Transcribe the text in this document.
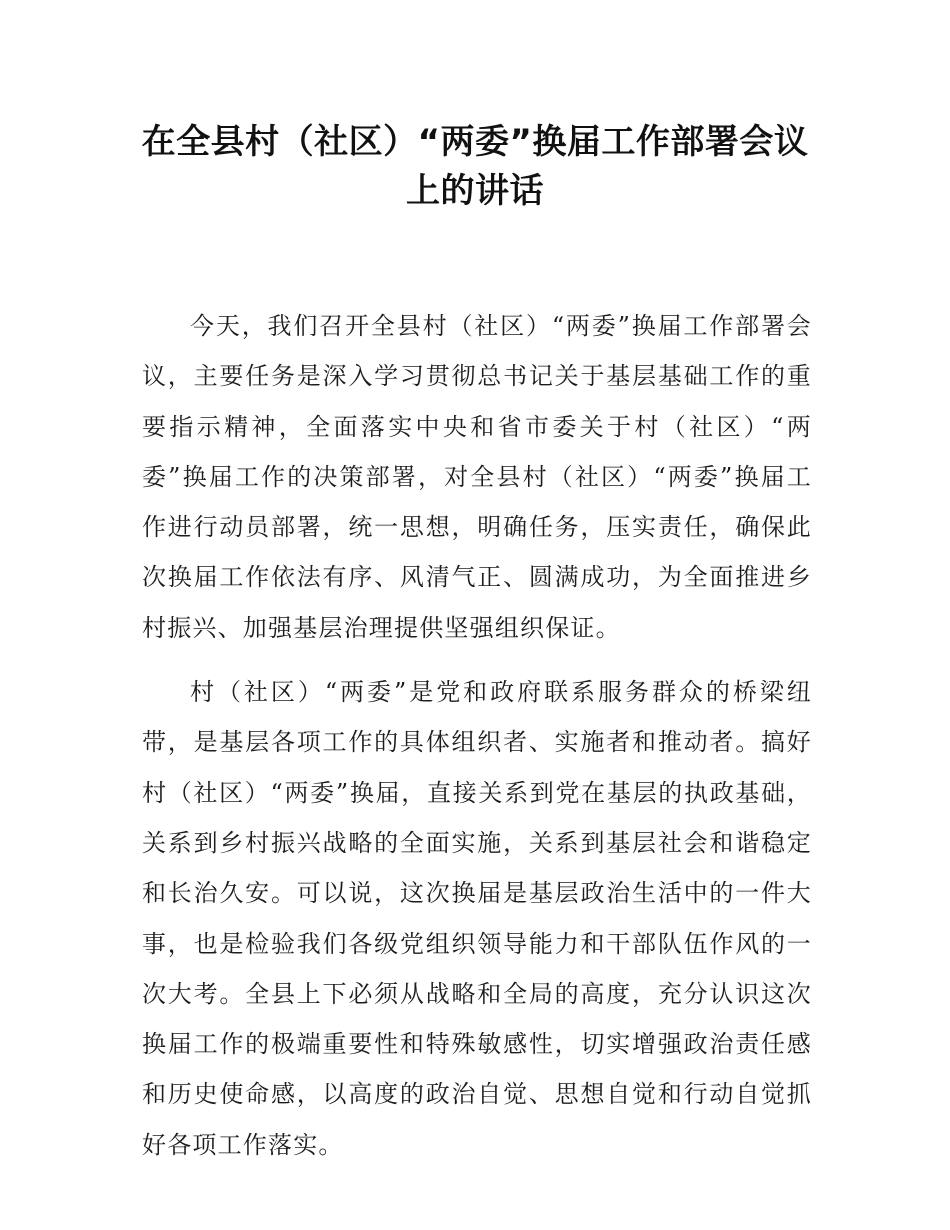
在全县村（社区）“两委”换届工作部署会议上的讲话

今天，我们召开全县村（社区）“两委”换届工作部署会议，主要任务是深入学习贯彻总书记关于基层基础工作的重要指示精神，全面落实中央和省市委关于村（社区）“两委”换届工作的决策部署，对全县村（社区）“两委”换届工作进行动员部署，统一思想，明确任务，压实责任，确保此次换届工作依法有序、风清气正、圆满成功，为全面推进乡村振兴、加强基层治理提供坚强组织保证。

村（社区）“两委”是党和政府联系服务群众的桥梁纽带，是基层各项工作的具体组织者、实施者和推动者。搞好村（社区）“两委”换届，直接关系到党在基层的执政基础，关系到乡村振兴战略的全面实施，关系到基层社会和谐稳定和长治久安。可以说，这次换届是基层政治生活中的一件大事，也是检验我们各级党组织领导能力和干部队伍作风的一次大考。全县上下必须从战略和全局的高度，充分认识这次换届工作的极端重要性和特殊敏感性，切实增强政治责任感和历史使命感，以高度的政治自觉、思想自觉和行动自觉抓好各项工作落实。
